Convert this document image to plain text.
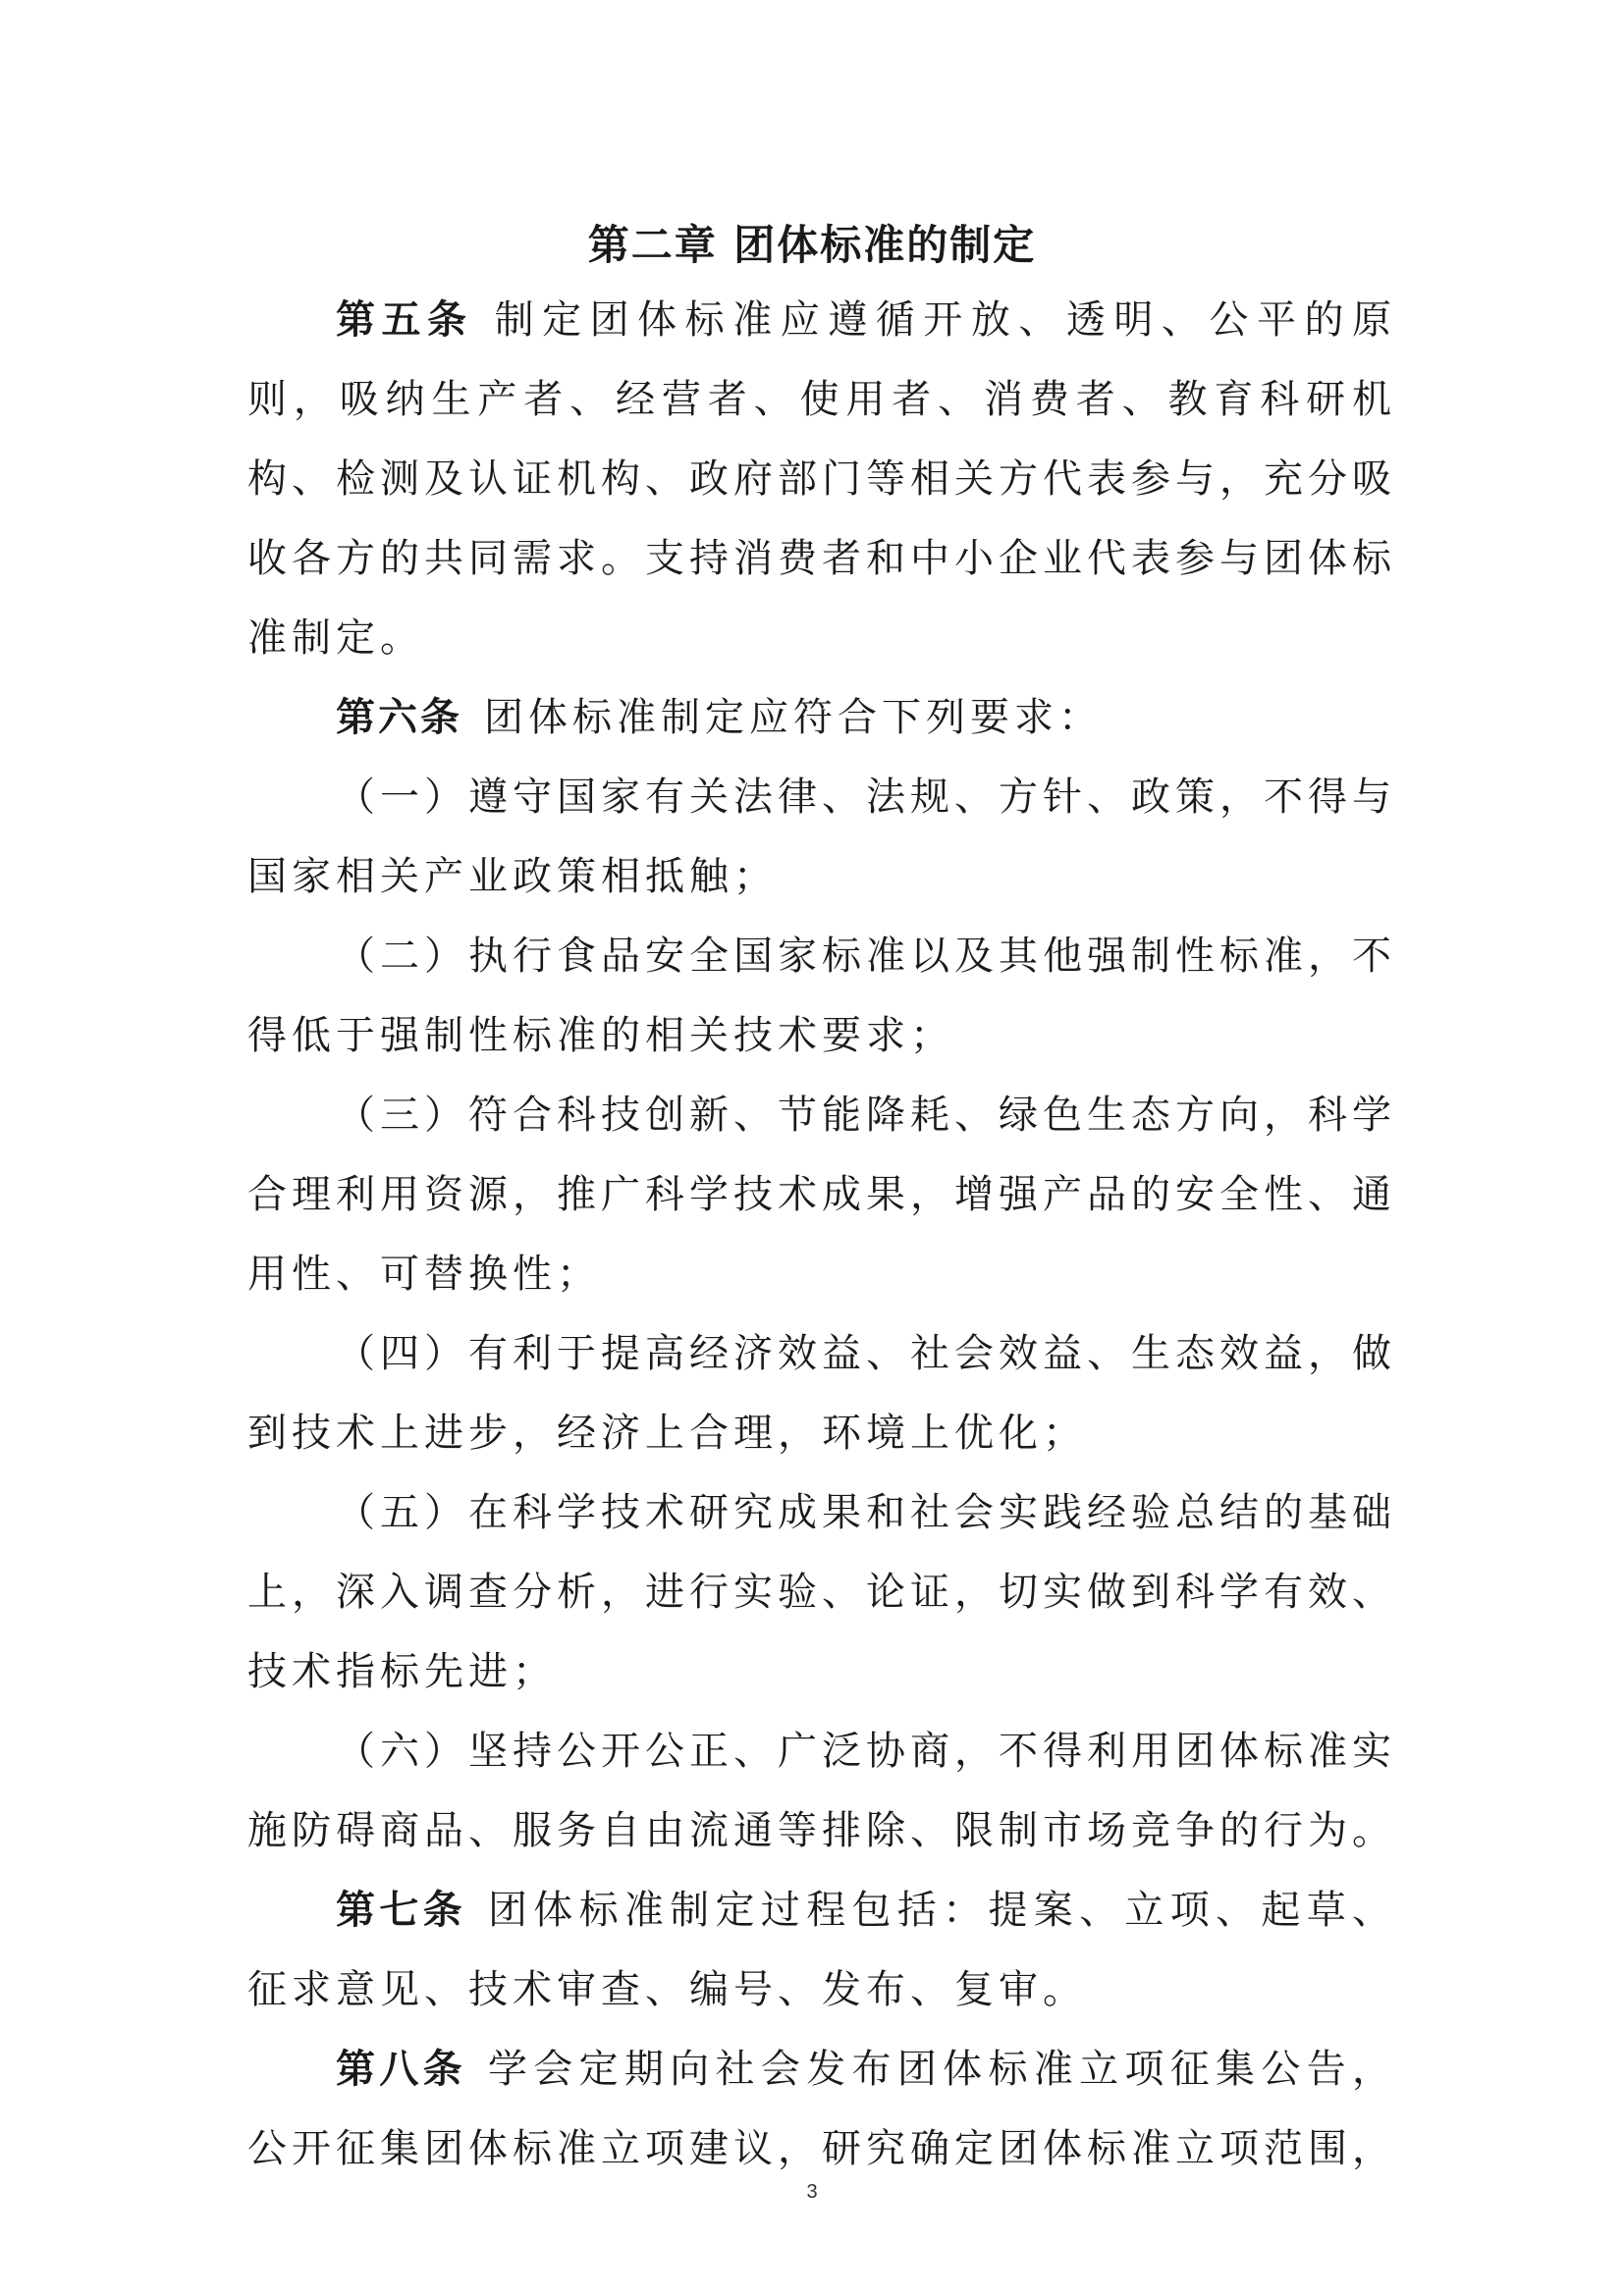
第二章 团体标准的制定

第五条 制定团体标准应遵循开放、透明、公平的原则，吸纳生产者、经营者、使用者、消费者、教育科研机构、检测及认证机构、政府部门等相关方代表参与，充分吸收各方的共同需求。支持消费者和中小企业代表参与团体标准制定。

第六条 团体标准制定应符合下列要求：

（一）遵守国家有关法律、法规、方针、政策，不得与国家相关产业政策相抵触；

（二）执行食品安全国家标准以及其他强制性标准，不得低于强制性标准的相关技术要求；

（三）符合科技创新、节能降耗、绿色生态方向，科学合理利用资源，推广科学技术成果，增强产品的安全性、通用性、可替换性；

（四）有利于提高经济效益、社会效益、生态效益，做到技术上进步，经济上合理，环境上优化；

（五）在科学技术研究成果和社会实践经验总结的基础上，深入调查分析，进行实验、论证，切实做到科学有效、技术指标先进；

（六）坚持公开公正、广泛协商，不得利用团体标准实施防碍商品、服务自由流通等排除、限制市场竞争的行为。

第七条 团体标准制定过程包括：提案、立项、起草、征求意见、技术审查、编号、发布、复审。

第八条 学会定期向社会发布团体标准立项征集公告，公开征集团体标准立项建议，研究确定团体标准立项范围，

3
